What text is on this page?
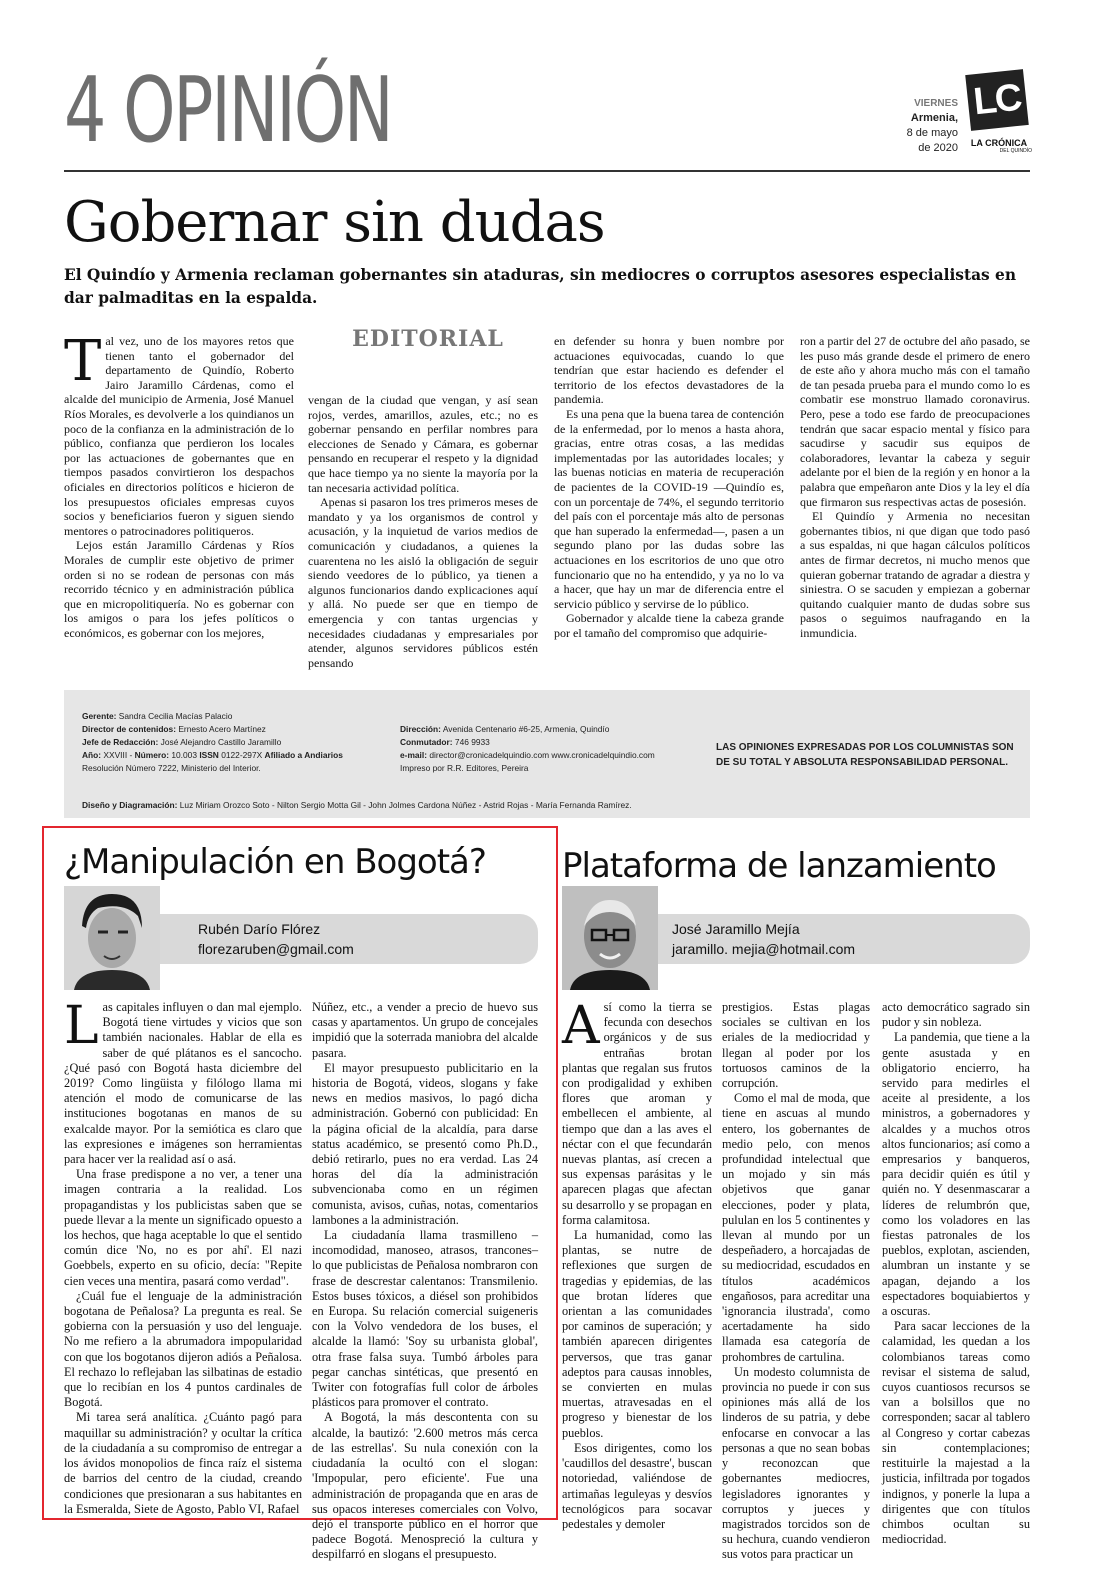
4 OPINIÓN	VIERNES
Armenia,
8 de mayo
de 2020
LC
LA CRÓNICA
DEL QUINDÍO
Gobernar sin dudas
El Quindío y Armenia reclaman gobernantes sin ataduras, sin mediocres o corruptos asesores especialistas en dar palmaditas en la espalda.
T al vez, uno de los mayores retos que tienen tanto el gobernador del departamento de Quindío, Roberto Jairo Jaramillo Cárdenas, como el alcalde del municipio de Armenia, José Manuel Ríos Morales, es devolverle a los quindianos un poco de la confianza en la administración de lo público, confianza que perdieron los locales por las actuaciones de gobernantes que en tiempos pasados convirtieron los despachos oficiales en directorios políticos e hicieron de los presupuestos oficiales empresas cuyos socios y beneficiarios fueron y siguen siendo mentores o patrocinadores politiqueros.

Lejos están Jaramillo Cárdenas y Ríos Morales de cumplir este objetivo de primer orden si no se rodean de personas con más recorrido técnico y en administración pública que en micropolitiquería. No es gobernar con los amigos o para los jefes políticos o económicos, es gobernar con los mejores,

EDITORIAL

vengan de la ciudad que vengan, y así sean rojos, verdes, amarillos, azules, etc.; no es gobernar pensando en perfilar nombres para elecciones de Senado y Cámara, es gobernar pensando en recuperar el respeto y la dignidad que hace tiempo ya no siente la mayoría por la tan necesaria actividad política.

Apenas si pasaron los tres primeros meses de mandato y ya los organismos de control y acusación, y la inquietud de varios medios de comunicación y ciudadanos, a quienes la cuarentena no les aisló la obligación de seguir siendo veedores de lo público, ya tienen a algunos funcionarios dando explicaciones aquí y allá. No puede ser que en tiempo de emergencia y con tantas urgencias y necesidades ciudadanas y empresariales por atender, algunos servidores públicos estén pensando

en defender su honra y buen nombre por actuaciones equivocadas, cuando lo que tendrían que estar haciendo es defender el territorio de los efectos devastadores de la pandemia.

Es una pena que la buena tarea de contención de la enfermedad, por lo menos a hasta ahora, gracias, entre otras cosas, a las medidas implementadas por las autoridades locales; y las buenas noticias en materia de recuperación de pacientes de la COVID-19 —Quindío es, con un porcentaje de 74%, el segundo territorio del país con el porcentaje más alto de personas que han superado la enfermedad—, pasen a un segundo plano por las dudas sobre las actuaciones en los escritorios de uno que otro funcionario que no ha entendido, y ya no lo va a hacer, que hay un mar de diferencia entre el servicio público y servirse de lo público.

Gobernador y alcalde tiene la cabeza grande por el tamaño del compromiso que adquirie-

ron a partir del 27 de octubre del año pasado, se les puso más grande desde el primero de enero de este año y ahora mucho más con el tamaño de tan pesada prueba para el mundo como lo es combatir ese monstruo llamado coronavirus. Pero, pese a todo ese fardo de preocupaciones tendrán que sacar espacio mental y físico para sacudirse y sacudir sus equipos de colaboradores, levantar la cabeza y seguir adelante por el bien de la región y en honor a la palabra que empeñaron ante Dios y la ley el día que firmaron sus respectivas actas de posesión.

El Quindío y Armenia no necesitan gobernantes tibios, ni que digan que todo pasó a sus espaldas, ni que hagan cálculos políticos antes de firmar decretos, ni mucho menos que quieran gobernar tratando de agradar a diestra y siniestra. O se sacuden y empiezan a gobernar quitando cualquier manto de dudas sobre sus pasos o seguimos naufragando en la inmundicia.

Gerente: Sandra Cecilia Macías Palacio
Director de contenidos: Ernesto Acero Martínez
Jefe de Redacción: José Alejandro Castillo Jaramillo
Año: XXVIII - Número: 10.003 ISSN 0122-297X Afiliado a Andiarios
Resolución Número 7222, Ministerio del Interior.
Dirección: Avenida Centenario #6-25, Armenia, Quindío
Conmutador: 746 9933
e-mail: director@cronicadelquindio.com www.cronicadelquindio.com
Impreso por R.R. Editores, Pereira
LAS OPINIONES EXPRESADAS POR LOS COLUMNISTAS SON
DE SU TOTAL Y ABSOLUTA RESPONSABILIDAD PERSONAL.
Diseño y Diagramación: Luz Miriam Orozco Soto - Nilton Sergio Motta Gil - John Jolmes Cardona Núñez - Astrid Rojas - María Fernanda Ramírez.
¿Manipulación en Bogotá?
Rubén Darío Flórez
florezaruben@gmail.com
L as capitales influyen o dan mal ejemplo. Bogotá tiene virtudes y vicios que son también nacionales. Hablar de ella es saber de qué plátanos es el sancocho. ¿Qué pasó con Bogotá hasta diciembre del 2019? Como lingüista y filólogo llama mi atención el modo de comunicarse de las instituciones bogotanas en manos de su exalcalde mayor. Por la semiótica es claro que las expresiones e imágenes son herramientas para hacer ver la realidad así o asá.

Una frase predispone a no ver, a tener una imagen contraria a la realidad. Los propagandistas y los publicistas saben que se puede llevar a la mente un significado opuesto a los hechos, que haga aceptable lo que el sentido común dice 'No, no es por ahí'. El nazi Goebbels, experto en su oficio, decía: "Repite cien veces una mentira, pasará como verdad".

¿Cuál fue el lenguaje de la administración bogotana de Peñalosa? La pregunta es real. Se gobierna con la persuasión y uso del lenguaje. No me refiero a la abrumadora impopularidad con que los bogotanos dijeron adiós a Peñalosa. El rechazo lo reflejaban las silbatinas de estadio que lo recibían en los 4 puntos cardinales de Bogotá.

Mi tarea será analítica. ¿Cuánto pagó para maquillar su administración? y ocultar la crítica de la ciudadanía a su compromiso de entregar a los ávidos monopolios de finca raíz el sistema de barrios del centro de la ciudad, creando condiciones que presionaran a sus habitantes en la Esmeralda, Siete de Agosto, Pablo VI, Rafael

Núñez, etc., a vender a precio de huevo sus casas y apartamentos. Un grupo de concejales impidió que la soterrada maniobra del alcalde pasara.

El mayor presupuesto publicitario en la historia de Bogotá, videos, slogans y fake news en medios masivos, lo pagó dicha administración. Gobernó con publicidad: En la página oficial de la alcaldía, para darse status académico, se presentó como Ph.D., debió retirarlo, pues no era verdad. Las 24 horas del día la administración subvencionaba como en un régimen comunista, avisos, cuñas, notas, comentarios lambones a la administración.

La ciudadanía llama trasmilleno –incomodidad, manoseo, atrasos, trancones– lo que publicistas de Peñalosa nombraron con frase de descrestar calentanos: Transmilenio. Estos buses tóxicos, a diésel son prohibidos en Europa. Su relación comercial suigeneris con la Volvo vendedora de los buses, el alcalde la llamó: 'Soy su urbanista global', otra frase falsa suya. Tumbó árboles para pegar canchas sintéticas, que presentó en Twiter con fotografías full color de árboles plásticos para promover el contrato.

A Bogotá, la más descontenta con su alcalde, la bautizó: '2.600 metros más cerca de las estrellas'. Su nula conexión con la ciudadanía la ocultó con el slogan: 'Impopular, pero eficiente'. Fue una administración de propaganda que en aras de sus opacos intereses comerciales con Volvo, dejó el transporte público en el horror que padece Bogotá. Menospreció la cultura y despilfarró en slogans el presupuesto.

Plataforma de lanzamiento
José Jaramillo Mejía
jaramillo. mejia@hotmail.com
A sí como la tierra se fecunda con desechos orgánicos y de sus entrañas brotan plantas que regalan sus frutos con prodigalidad y exhiben flores que aroman y embellecen el ambiente, al tiempo que dan a las aves el néctar con el que fecundarán nuevas plantas, así crecen a sus expensas parásitas y le aparecen plagas que afectan su desarrollo y se propagan en forma calamitosa.

La humanidad, como las plantas, se nutre de reflexiones que surgen de tragedias y epidemias, de las que brotan líderes que orientan a las comunidades por caminos de superación; y también aparecen dirigentes perversos, que tras ganar adeptos para causas innobles, se convierten en mulas muertas, atravesadas en el progreso y bienestar de los pueblos.

Esos dirigentes, como los 'caudillos del desastre', buscan notoriedad, valiéndose de artimañas leguleyas y desvíos tecnológicos para socavar pedestales y demoler

prestigios. Estas plagas sociales se cultivan en los eriales de la mediocridad y llegan al poder por los tortuosos caminos de la corrupción.

Como el mal de moda, que tiene en ascuas al mundo entero, los gobernantes de medio pelo, con menos profundidad intelectual que un mojado y sin más objetivos que ganar elecciones, poder y plata, pululan en los 5 continentes y llevan al mundo por un despeñadero, a horcajadas de su mediocridad, escudados en títulos académicos engañosos, para acreditar una 'ignorancia ilustrada', como acertadamente ha sido llamada esa categoría de prohombres de cartulina.

Un modesto columnista de provincia no puede ir con sus opiniones más allá de los linderos de su patria, y debe enfocarse en convocar a las personas a que no sean bobas y reconozcan que gobernantes mediocres, legisladores ignorantes y corruptos y jueces y magistrados torcidos son de su hechura, cuando vendieron sus votos para practicar un

acto democrático sagrado sin pudor y sin nobleza.

La pandemia, que tiene a la gente asustada y en obligatorio encierro, ha servido para medirles el aceite al presidente, a los ministros, a gobernadores y alcaldes y a muchos otros altos funcionarios; así como a empresarios y banqueros, para decidir quién es útil y quién no. Y desenmascarar a líderes de relumbrón que, como los voladores en las fiestas patronales de los pueblos, explotan, ascienden, alumbran un instante y se apagan, dejando a los espectadores boquiabiertos y a oscuras.

Para sacar lecciones de la calamidad, les quedan a los colombianos tareas como revisar el sistema de salud, cuyos cuantiosos recursos se van a bolsillos que no corresponden; sacar al tablero al Congreso y cortar cabezas sin contemplaciones; restituirle la majestad a la justicia, infiltrada por togados indignos, y ponerle la lupa a dirigentes que con títulos chimbos ocultan su mediocridad.
